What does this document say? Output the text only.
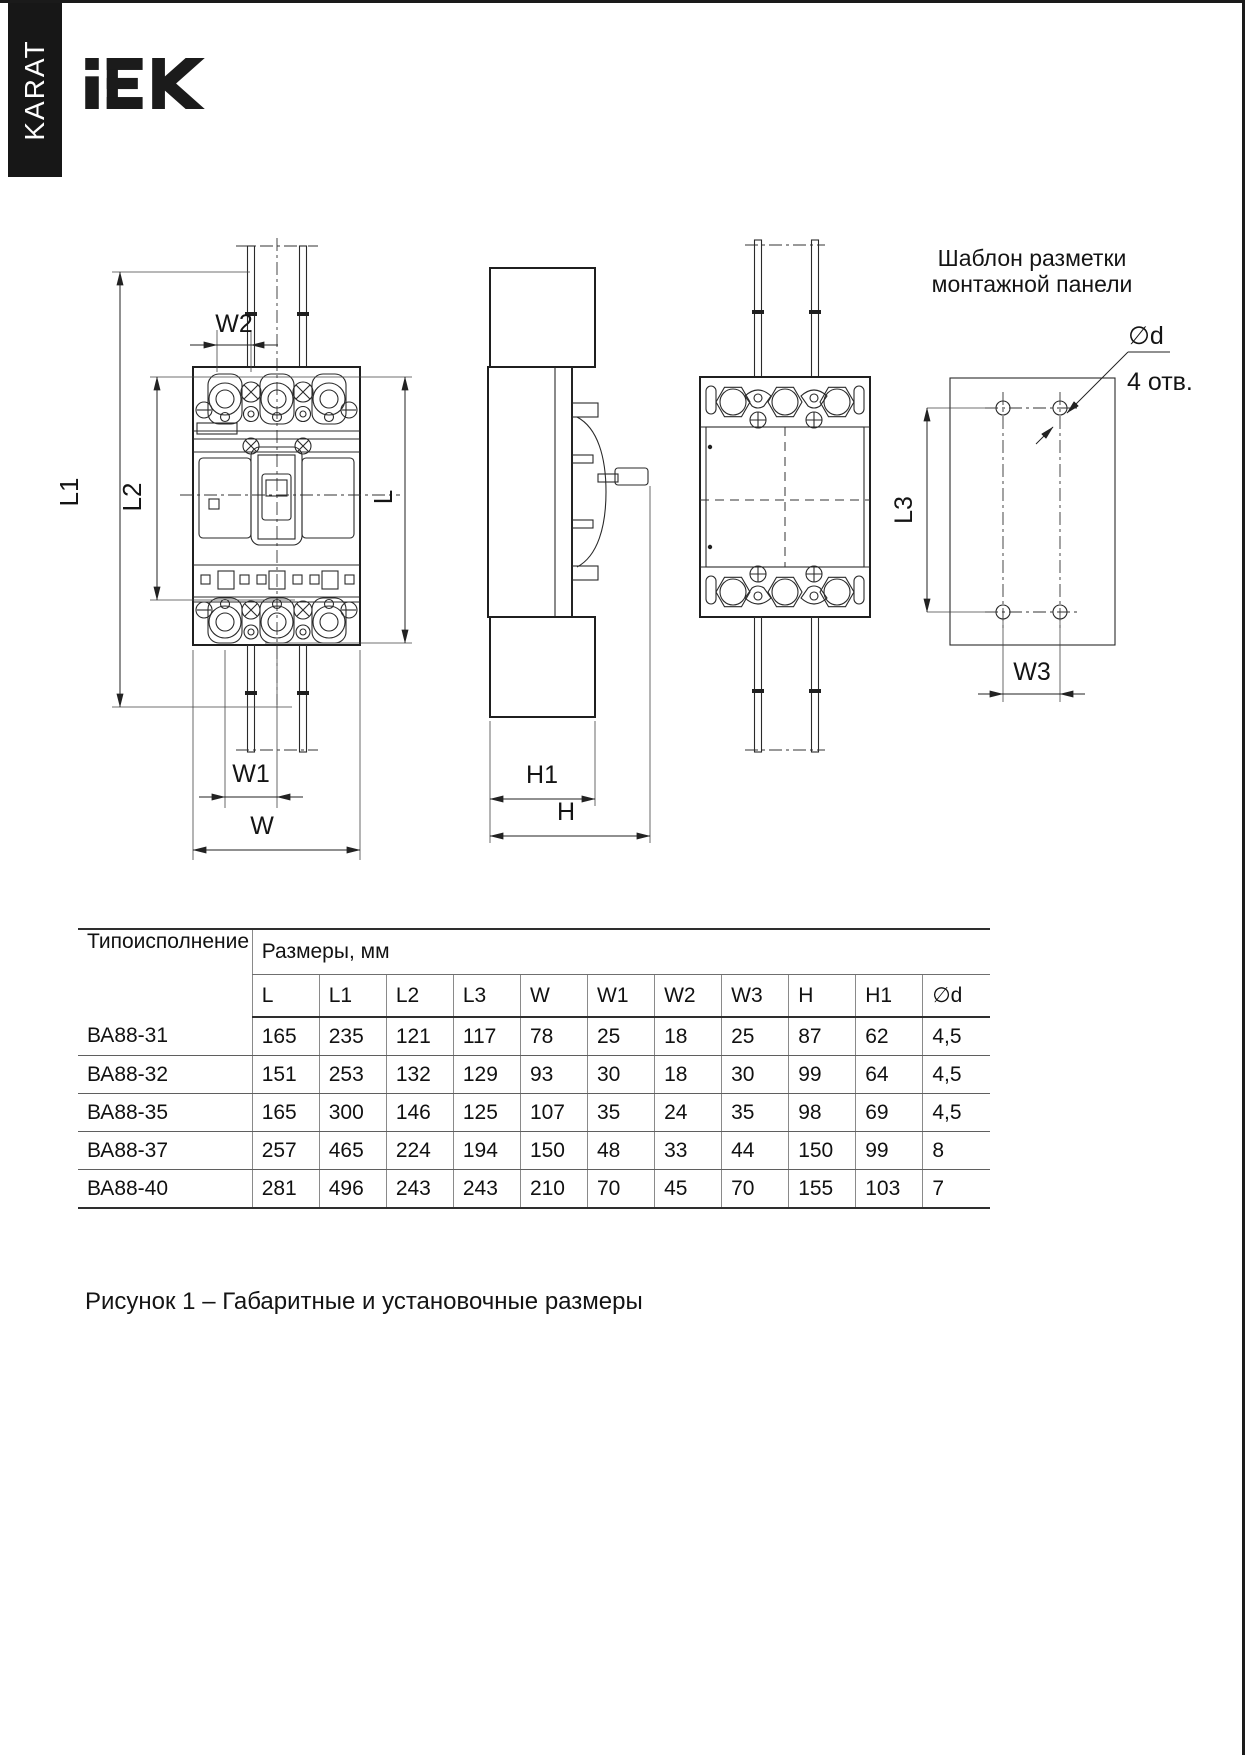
KARAT
W2
L1 L2	L
W1
W
H1
H
Шаблон разметки
монтажной панели
∅d
4 отв.
L3
W3
Типоисполнение	Размеры, мм										
	L	L1	L2	L3	W	W1	W2	W3	H	H1	∅d
ВА88-31	165	235	121	117	78	25	18	25	87	62	4,5
ВА88-32	151	253	132	129	93	30	18	30	99	64	4,5
ВА88-35	165	300	146	125	107	35	24	35	98	69	4,5
ВА88-37	257	465	224	194	150	48	33	44	150	99	8
ВА88-40	281	496	243	243	210	70	45	70	155	103	7
Рисунок 1 – Габаритные и установочные размеры
